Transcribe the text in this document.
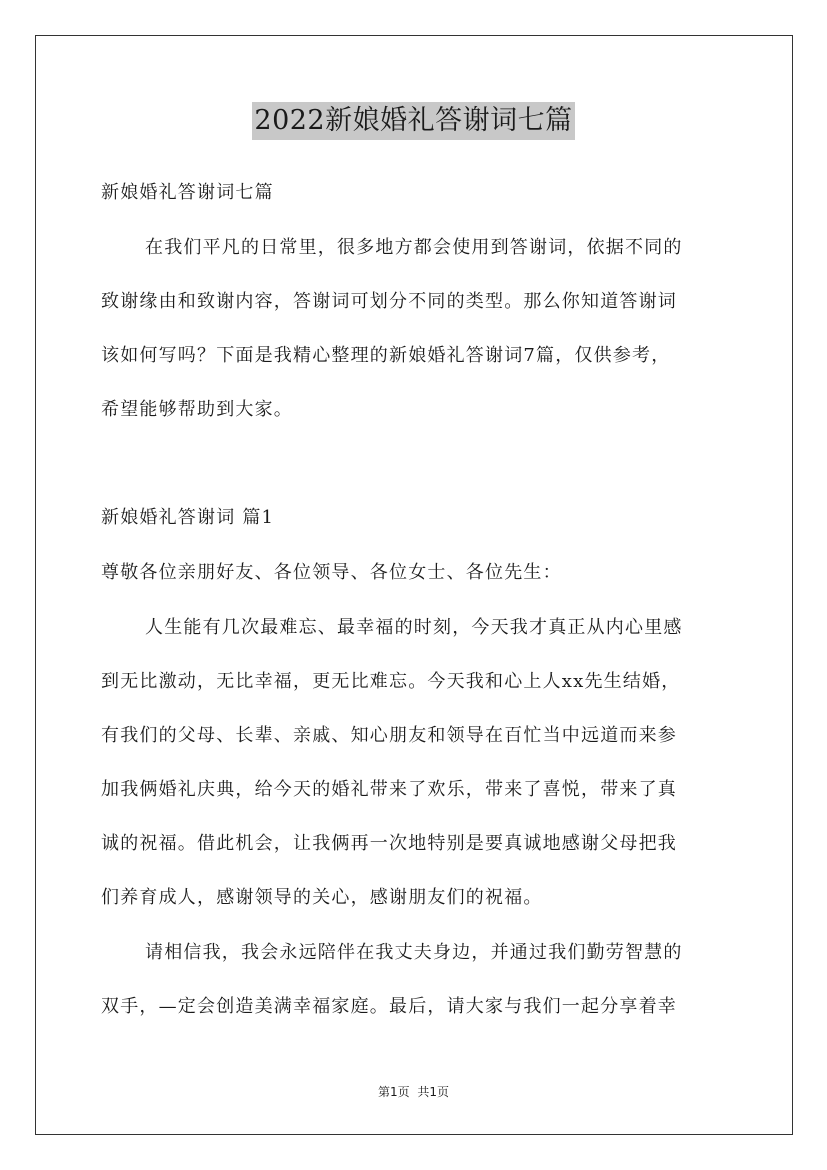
2022新娘婚礼答谢词七篇
新娘婚礼答谢词七篇
在我们平凡的日常里，很多地方都会使用到答谢词，依据不同的
致谢缘由和致谢内容，答谢词可划分不同的类型。那么你知道答谢词
该如何写吗？下面是我精心整理的新娘婚礼答谢词7篇，仅供参考，
希望能够帮助到大家。
新娘婚礼答谢词 篇1
尊敬各位亲朋好友、各位领导、各位女士、各位先生：
人生能有几次最难忘、最幸福的时刻，今天我才真正从内心里感
到无比激动，无比幸福，更无比难忘。今天我和心上人xx先生结婚，
有我们的父母、长辈、亲戚、知心朋友和领导在百忙当中远道而来参
加我俩婚礼庆典，给今天的婚礼带来了欢乐，带来了喜悦，带来了真
诚的祝福。借此机会，让我俩再一次地特别是要真诚地感谢父母把我
们养育成人，感谢领导的关心，感谢朋友们的祝福。
请相信我，我会永远陪伴在我丈夫身边，并通过我们勤劳智慧的
双手，—定会创造美满幸福家庭。最后，请大家与我们一起分享着幸
第1页 共1页
